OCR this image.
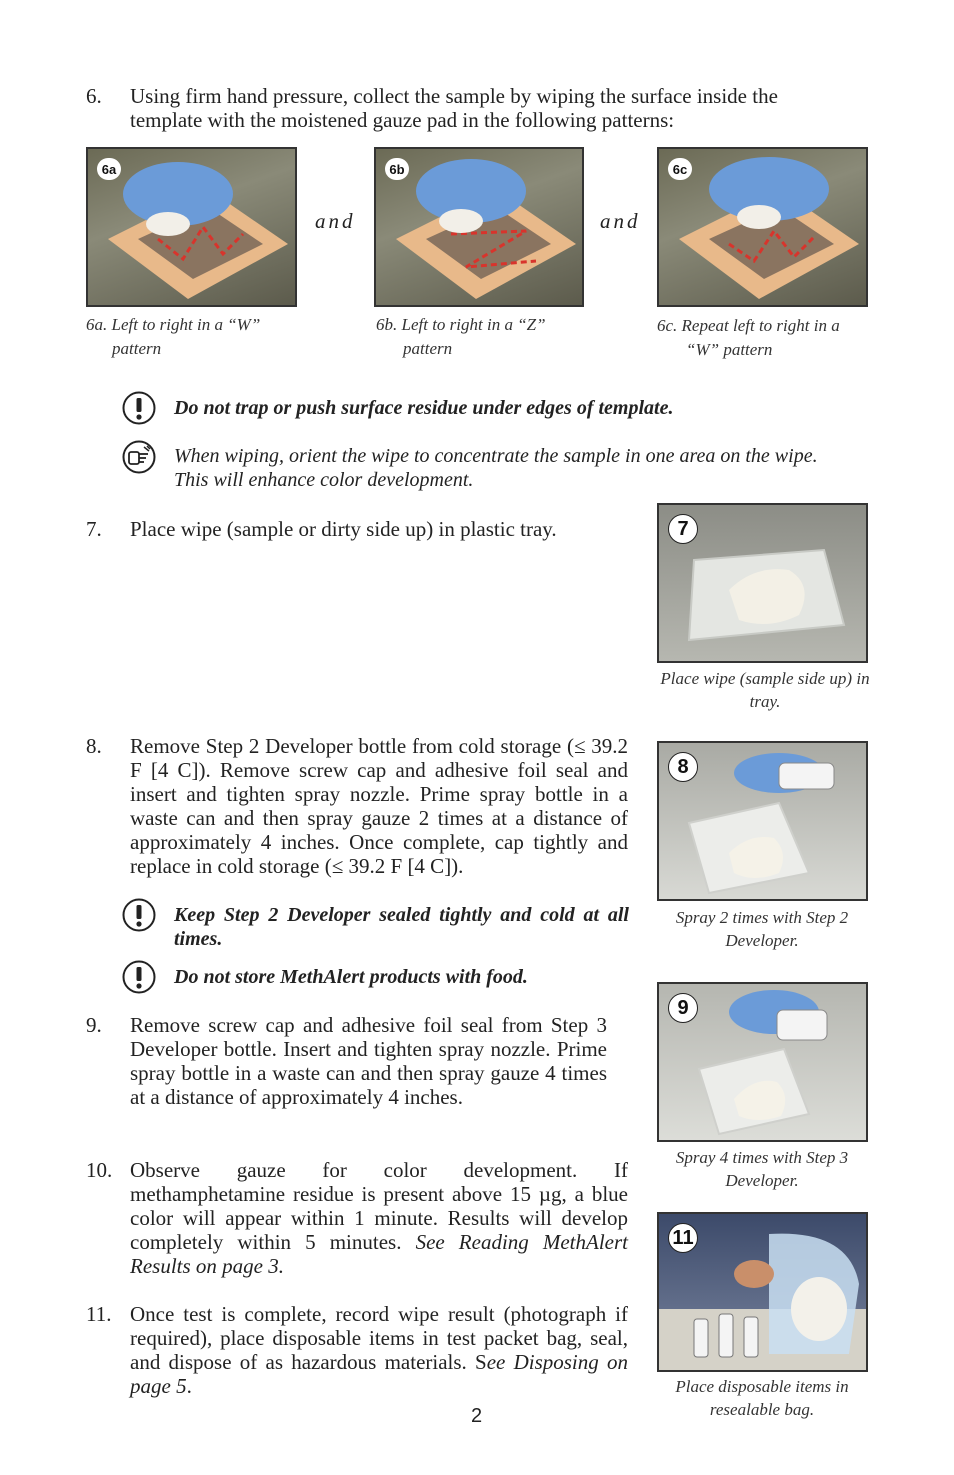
6. Using firm hand pressure, collect the sample by wiping the surface inside the template with the moistened gauze pad in the following patterns:
6a
and
6b
and
6c
6a. Left to right in a “W”
pattern
6b. Left to right in a “Z”
pattern
6c. Repeat left to right in a
“W” pattern
Do not trap or push surface residue under edges of template.
When wiping, orient the wipe to concentrate the sample in one area on the wipe. This will enhance color development.
7. Place wipe (sample or dirty side up) in plastic tray.	7
Place wipe (sample side up) in tray.
8. Remove Step 2 Developer bottle from cold storage (≤ 39.2 F [4 C]). Remove screw cap and adhesive foil seal and insert and tighten spray nozzle. Prime spray bottle in a waste can and then spray gauze 2 times at a distance of approximately 4 inches. Once complete, cap tightly and replace in cold storage (≤ 39.2 F [4 C]).
8
Spray 2 times with Step 2 Developer.
Keep Step 2 Developer sealed tightly and cold at all times.
Do not store MethAlert products with food.
9. Remove screw cap and adhesive foil seal from Step 3 Developer bottle. Insert and tighten spray nozzle. Prime spray bottle in a waste can and then spray gauze 4 times at a distance of approximately 4 inches.
9
Spray 4 times with Step 3 Developer.
10. Observe gauze for color development. If methamphetamine residue is present above 15 µg, a blue color will appear within 1 minute. Results will develop completely within 5 minutes. See Reading MethAlert Results on page 3.
11. Once test is complete, record wipe result (photograph if required), place disposable items in test packet bag, seal, and dispose of as hazardous materials. See Disposing on page 5.
11
Place disposable items in resealable bag.
2
